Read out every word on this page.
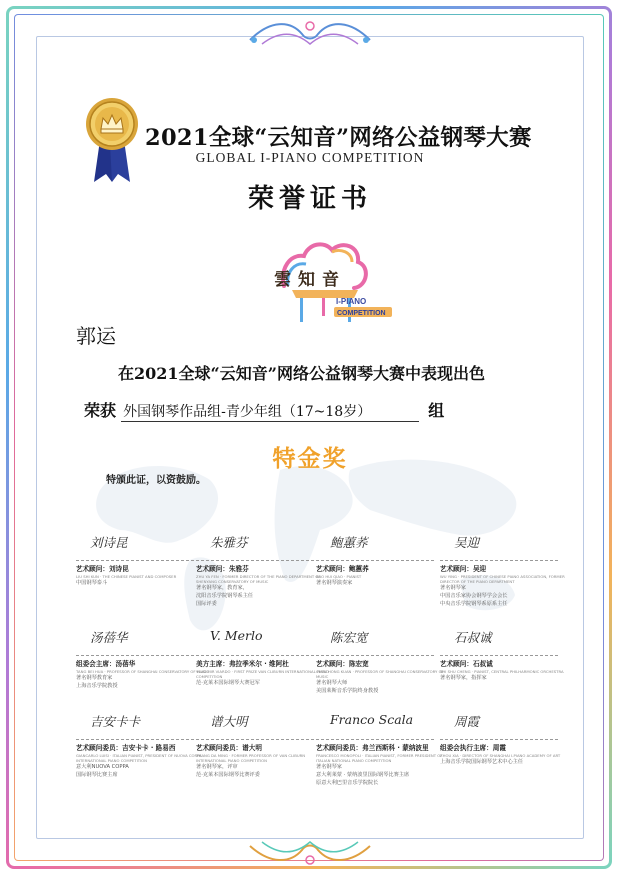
2021全球“云知音”网络公益钢琴大赛
GLOBAL I-PIANO COMPETITION
荣誉证书
雲 知 音
I-PIANO
COMPETITION
郭运
在2021全球“云知音”网络公益钢琴大赛中表现出色
荣获 外国钢琴作品组-青少年组（17~18岁）	组
特金奖
特颁此证，以资鼓励。
刘诗昆
艺术顾问：刘诗昆
LIU SHI KUN · THE CHINESE PIANIST AND COMPOSER
中国钢琴泰斗
朱雅芬
艺术顾问：朱雅芬
ZHU YA FEN · FORMER DIRECTOR OF THE PIANO DEPARTMENT OF SHENYANG CONSERVATORY OF MUSIC
著名钢琴家，教育家，
沈阳音乐学院钢琴系主任
国际评委
鲍蕙荞
艺术顾问：鲍蕙荞
BAO HUI QIAO · PIANIST
著名钢琴演奏家
吴迎
艺术顾问：吴迎
WU YING · PRESIDENT OF CHINESE PIANO ASSOCIATION, FORMER DIRECTOR OF THE PIANO DEPARTMENT
著名钢琴家
中国音乐家协会钢琴学会会长
中央音乐学院钢琴系原系主任
汤蓓华
组委会主席：汤蓓华
TANG BEI HUA · PROFESSOR OF SHANGHAI CONSERVATORY OF MUSIC
著名钢琴教育家
上海音乐学院教授
V. Merlo
美方主席：弗拉季米尔 · 维阿杜
VLADIMIR VIARDO · FIRST PRIZE VAN CLIBURN INTERNATIONAL PIANO COMPETITION
范·克莱本国际钢琴大赛冠军
陈宏宽
艺术顾问：陈宏宽
CHEN HONG KUAN · PROFESSOR OF SHANGHAI CONSERVATORY OF MUSIC
著名钢琴大师
美国莱斯音乐学院终身教授
石叔诚
艺术顾问：石叔诚
SHI SHU CHENG · PIANIST, CENTRAL PHILHARMONIC ORCHESTRA
著名钢琴家，指挥家
吉安卡卡
艺术顾问委员：吉安卡卡 · 路易西
GIANCARLO LUISI · ITALIAN PIANIST, PRESIDENT OF NUOVA COPPA INTERNATIONAL PIANO COMPETITION
意大利NUOVA COPPA
国际钢琴比赛主席
谱大明
艺术顾问委员：谱大明
ZHANG DA MING · FORMER PROFESSOR OF VAN CLIBURN INTERNATIONAL PIANO COMPETITION
著名钢琴家，评审
范·克莱本国际钢琴比赛评委
Franco Scala
艺术顾问委员：弗兰西斯科 · 蒙纳波里
FRANCESCO MONOPOLI · ITALIAN PIANIST, FORMER PRESIDENT OF ITALIAN NATIONAL PIANO COMPETITION
著名钢琴家
意大利莱蒙 · 蒙纳波里国际钢琴比赛主席
原意大利巴里音乐学院院长
周霞
组委会执行主席：周霞
ZHOU XIA · DIRECTOR OF SHANGHAI I-PIANO ACADEMY OF ART
上海音乐学院国际钢琴艺术中心主任
